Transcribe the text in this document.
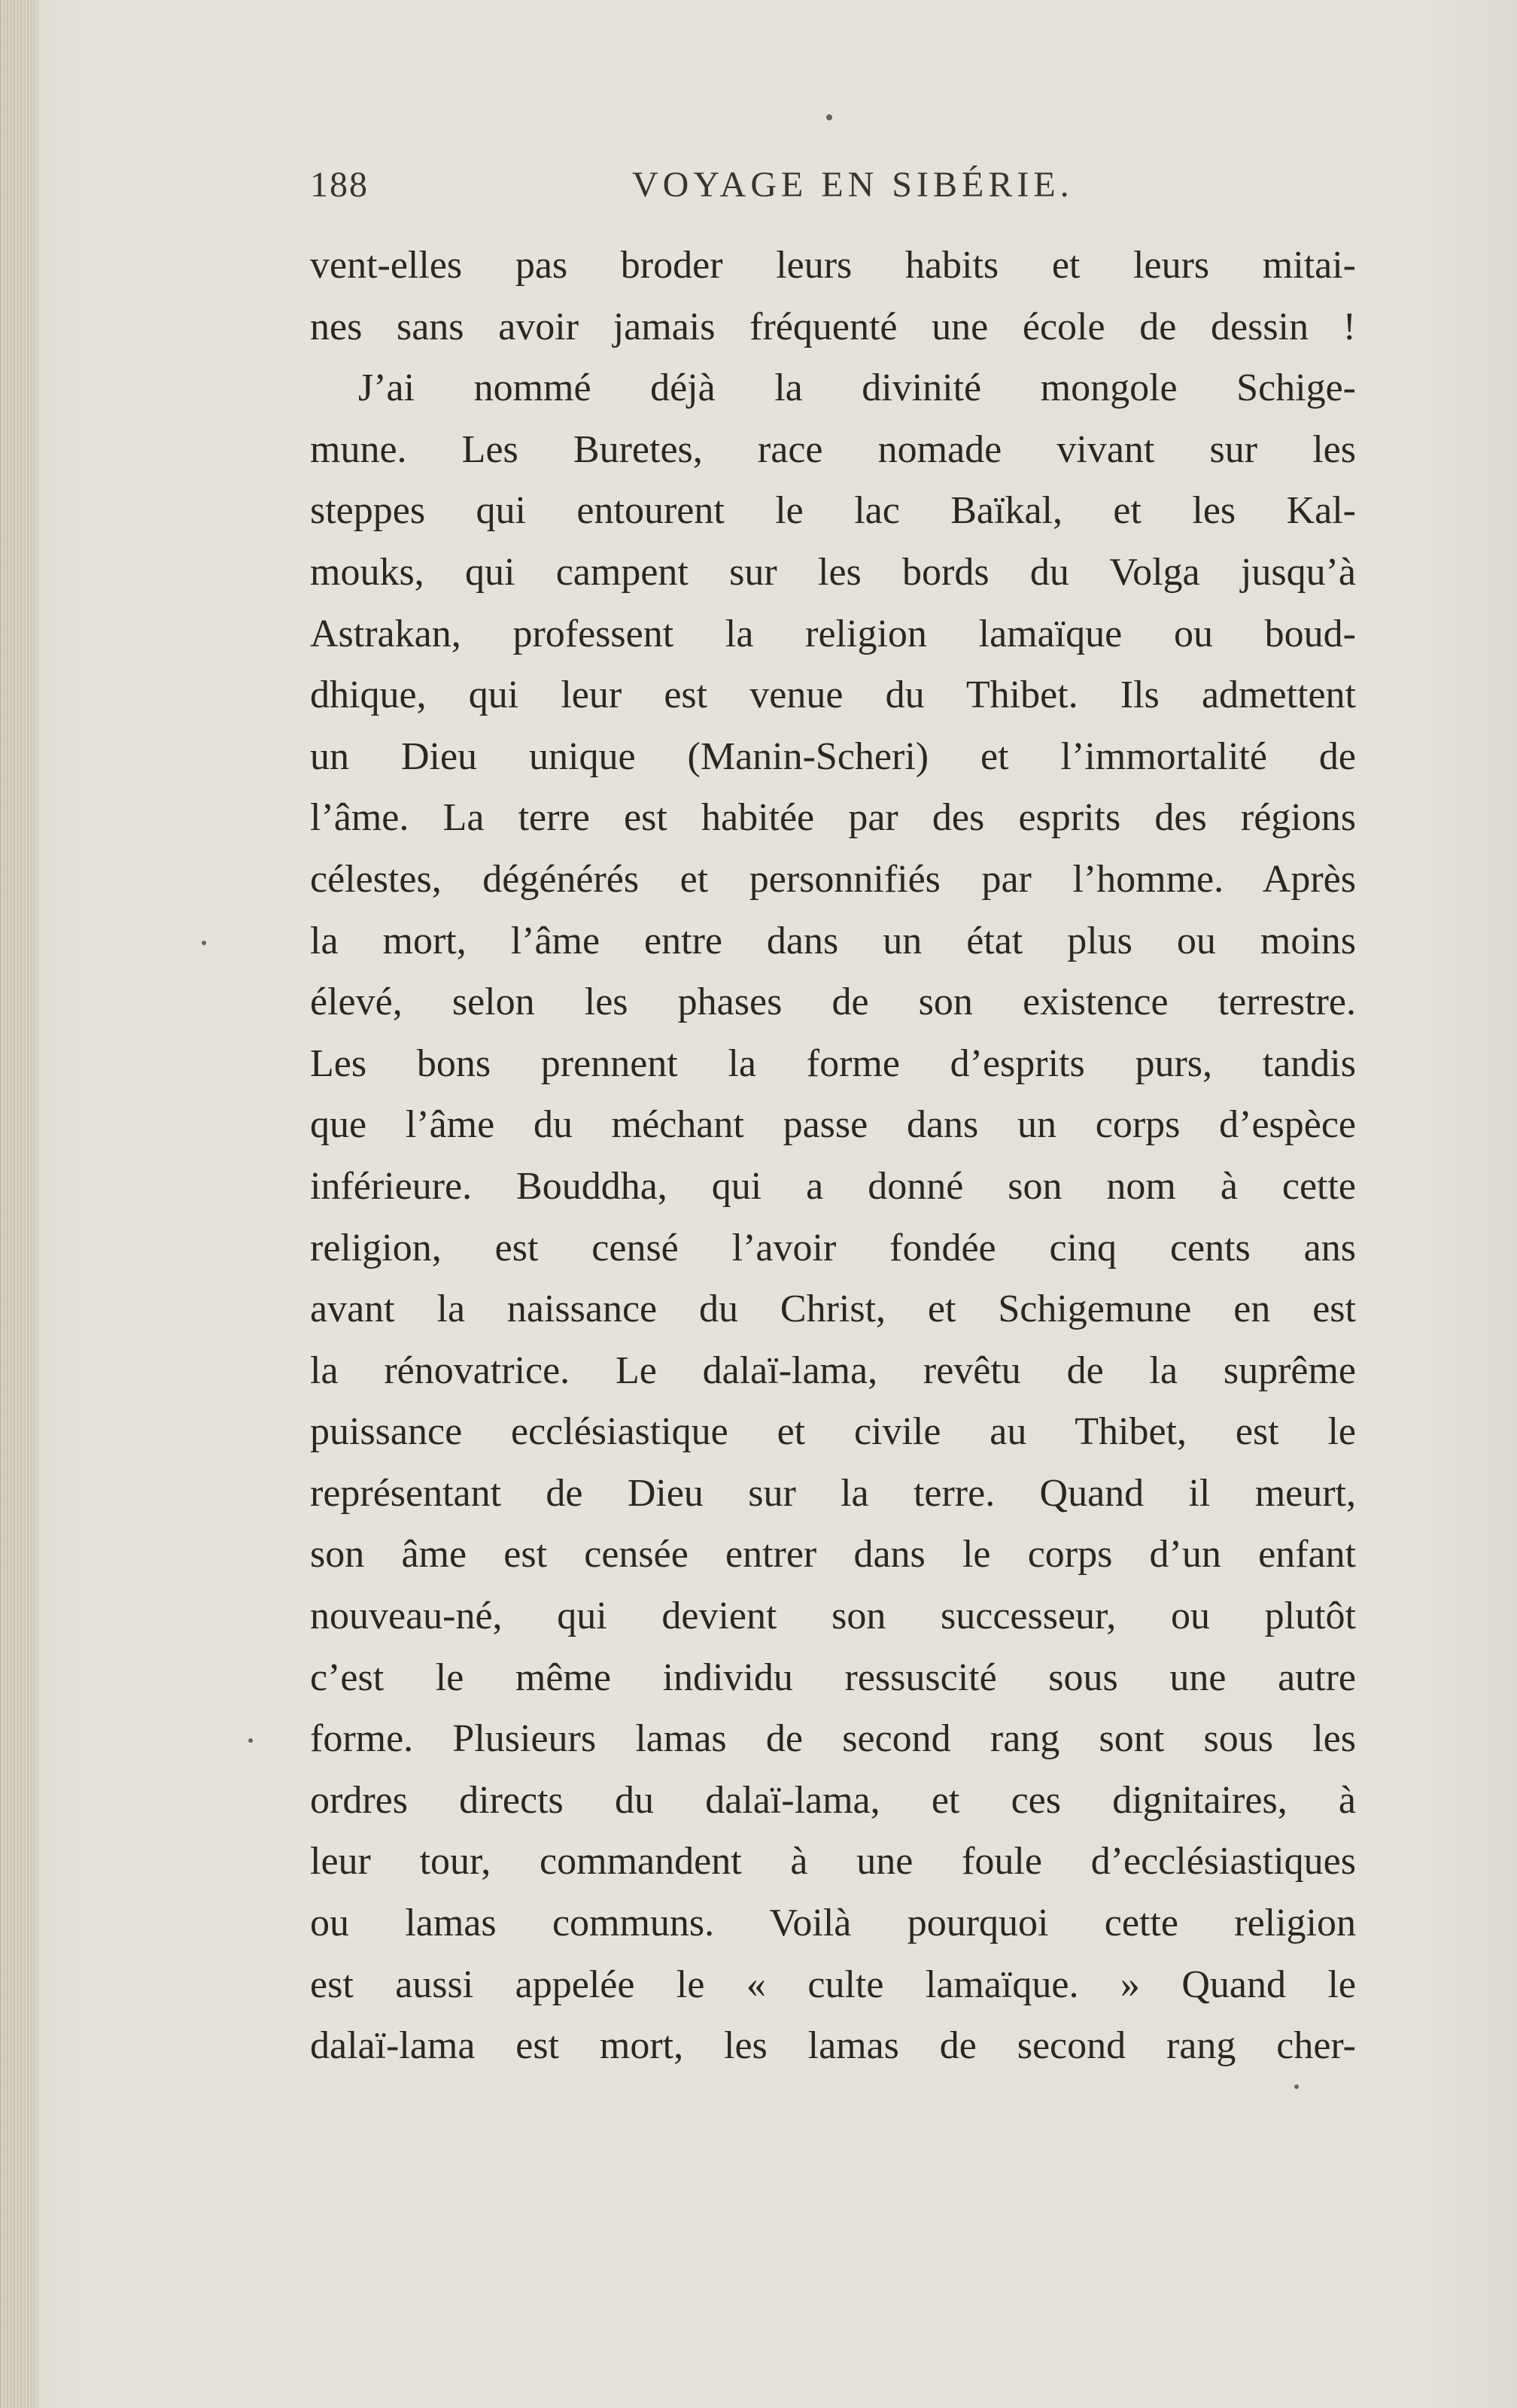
188	VOYAGE EN SIBÉRIE.
vent-elles pas broder leurs habits et leurs mitai-
nes sans avoir jamais fréquenté une école de dessin !
J’ai nommé déjà la divinité mongole Schige-
mune. Les Buretes, race nomade vivant sur les
steppes qui entourent le lac Baïkal, et les Kal-
mouks, qui campent sur les bords du Volga jusqu’à
Astrakan, professent la religion lamaïque ou boud-
dhique, qui leur est venue du Thibet. Ils admettent
un Dieu unique (Manin-Scheri) et l’immortalité de
l’âme. La terre est habitée par des esprits des régions
célestes, dégénérés et personnifiés par l’homme. Après
la mort, l’âme entre dans un état plus ou moins
élevé, selon les phases de son existence terrestre.
Les bons prennent la forme d’esprits purs, tandis
que l’âme du méchant passe dans un corps d’espèce
inférieure. Bouddha, qui a donné son nom à cette
religion, est censé l’avoir fondée cinq cents ans
avant la naissance du Christ, et Schigemune en est
la rénovatrice. Le dalaï-lama, revêtu de la suprême
puissance ecclésiastique et civile au Thibet, est le
représentant de Dieu sur la terre. Quand il meurt,
son âme est censée entrer dans le corps d’un enfant
nouveau-né, qui devient son successeur, ou plutôt
c’est le même individu ressuscité sous une autre
forme. Plusieurs lamas de second rang sont sous les
ordres directs du dalaï-lama, et ces dignitaires, à
leur tour, commandent à une foule d’ecclésiastiques
ou lamas communs. Voilà pourquoi cette religion
est aussi appelée le « culte lamaïque. » Quand le
dalaï-lama est mort, les lamas de second rang cher-
